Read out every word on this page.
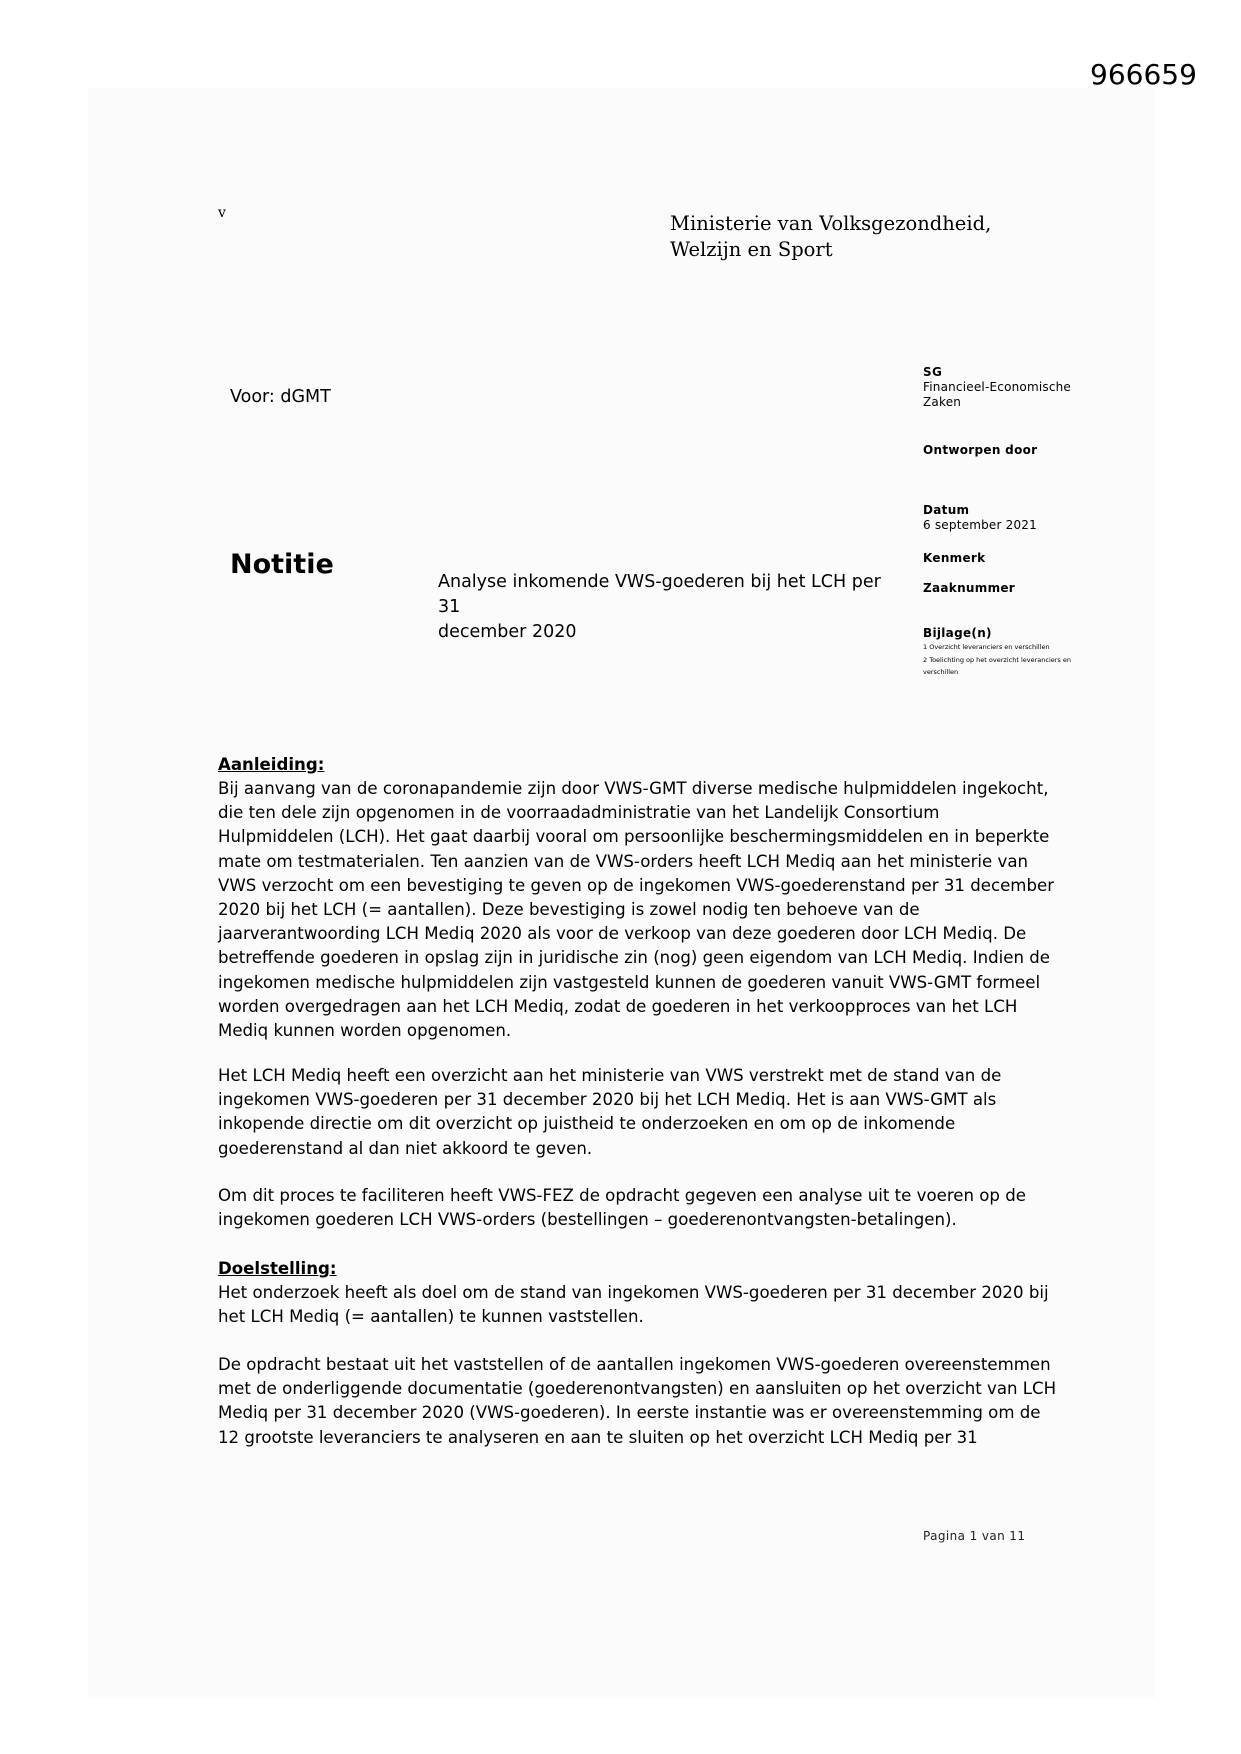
966659
v	Ministerie van Volksgezondheid,
Welzijn en Sport
Voor: dGMT
Notitie
Analyse inkomende VWS-goederen bij het LCH per 31
december 2020
SG
Financieel-Economische
Zaken
Ontworpen door
Datum
6 september 2021
Kenmerk
Zaaknummer
Bijlage(n)
1 Overzicht leveranciers en verschillen
2 Toelichting op het overzicht leveranciers en
verschillen
Aanleiding:
Bij aanvang van de coronapandemie zijn door VWS-GMT diverse medische hulpmiddelen ingekocht,
die ten dele zijn opgenomen in de voorraadadministratie van het Landelijk Consortium
Hulpmiddelen (LCH). Het gaat daarbij vooral om persoonlijke beschermingsmiddelen en in beperkte
mate om testmaterialen. Ten aanzien van de VWS-orders heeft LCH Mediq aan het ministerie van
VWS verzocht om een bevestiging te geven op de ingekomen VWS-goederenstand per 31 december
2020 bij het LCH (= aantallen). Deze bevestiging is zowel nodig ten behoeve van de
jaarverantwoording LCH Mediq 2020 als voor de verkoop van deze goederen door LCH Mediq. De
betreffende goederen in opslag zijn in juridische zin (nog) geen eigendom van LCH Mediq. Indien de
ingekomen medische hulpmiddelen zijn vastgesteld kunnen de goederen vanuit VWS-GMT formeel
worden overgedragen aan het LCH Mediq, zodat de goederen in het verkoopproces van het LCH
Mediq kunnen worden opgenomen.
Het LCH Mediq heeft een overzicht aan het ministerie van VWS verstrekt met de stand van de
ingekomen VWS-goederen per 31 december 2020 bij het LCH Mediq. Het is aan VWS-GMT als
inkopende directie om dit overzicht op juistheid te onderzoeken en om op de inkomende
goederenstand al dan niet akkoord te geven.
Om dit proces te faciliteren heeft VWS-FEZ de opdracht gegeven een analyse uit te voeren op de
ingekomen goederen LCH VWS-orders (bestellingen – goederenontvangsten-betalingen).
Doelstelling:
Het onderzoek heeft als doel om de stand van ingekomen VWS-goederen per 31 december 2020 bij
het LCH Mediq (= aantallen) te kunnen vaststellen.
De opdracht bestaat uit het vaststellen of de aantallen ingekomen VWS-goederen overeenstemmen
met de onderliggende documentatie (goederenontvangsten) en aansluiten op het overzicht van LCH
Mediq per 31 december 2020 (VWS-goederen). In eerste instantie was er overeenstemming om de
12 grootste leveranciers te analyseren en aan te sluiten op het overzicht LCH Mediq per 31
Pagina 1 van 11
